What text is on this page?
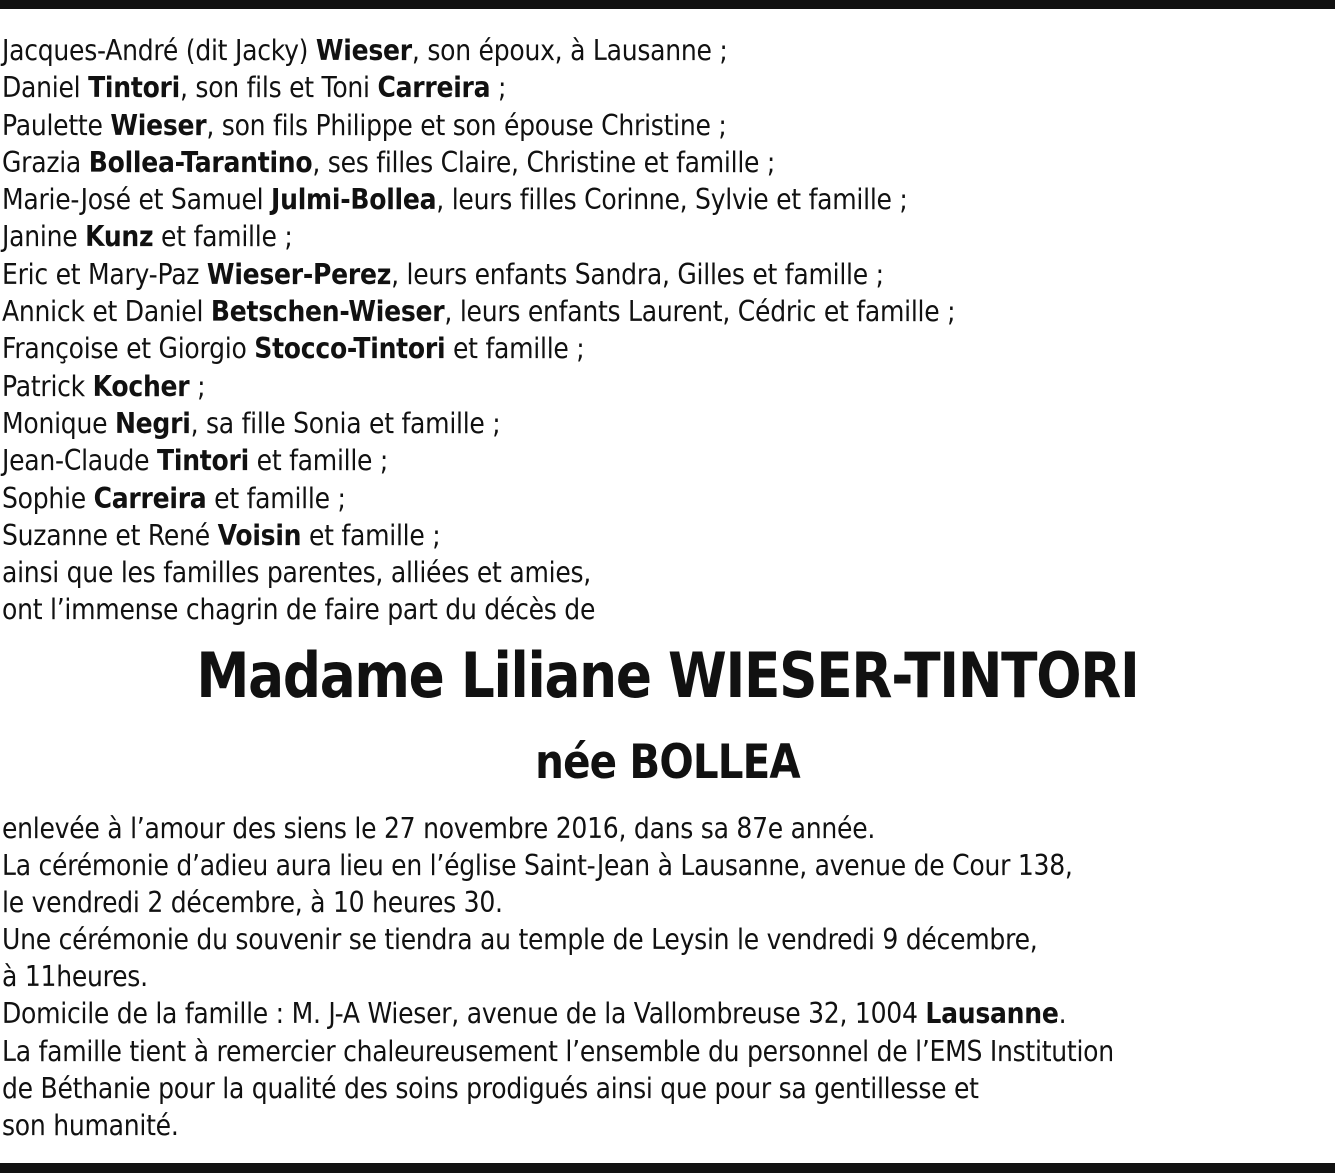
Jacques-André (dit Jacky) Wieser, son époux, à Lausanne ;
Daniel Tintori, son fils et Toni Carreira ;
Paulette Wieser, son fils Philippe et son épouse Christine ;
Grazia Bollea-Tarantino, ses filles Claire, Christine et famille ;
Marie-José et Samuel Julmi-Bollea, leurs filles Corinne, Sylvie et famille ;
Janine Kunz et famille ;
Eric et Mary-Paz Wieser-Perez, leurs enfants Sandra, Gilles et famille ;
Annick et Daniel Betschen-Wieser, leurs enfants Laurent, Cédric et famille ;
Françoise et Giorgio Stocco-Tintori et famille ;
Patrick Kocher ;
Monique Negri, sa fille Sonia et famille ;
Jean-Claude Tintori et famille ;
Sophie Carreira et famille ;
Suzanne et René Voisin et famille ;
ainsi que les familles parentes, alliées et amies,
ont l’immense chagrin de faire part du décès de
Madame Liliane WIESER-TINTORI
née BOLLEA
enlevée à l’amour des siens le 27 novembre 2016, dans sa 87e année.
La cérémonie d’adieu aura lieu en l’église Saint-Jean à Lausanne, avenue de Cour 138,
le vendredi 2 décembre, à 10 heures 30.
Une cérémonie du souvenir se tiendra au temple de Leysin le vendredi 9 décembre,
à 11heures.
Domicile de la famille : M. J-A Wieser, avenue de la Vallombreuse 32, 1004 Lausanne.
La famille tient à remercier chaleureusement l’ensemble du personnel de l’EMS Institution
de Béthanie pour la qualité des soins prodigués ainsi que pour sa gentillesse et
son humanité.
